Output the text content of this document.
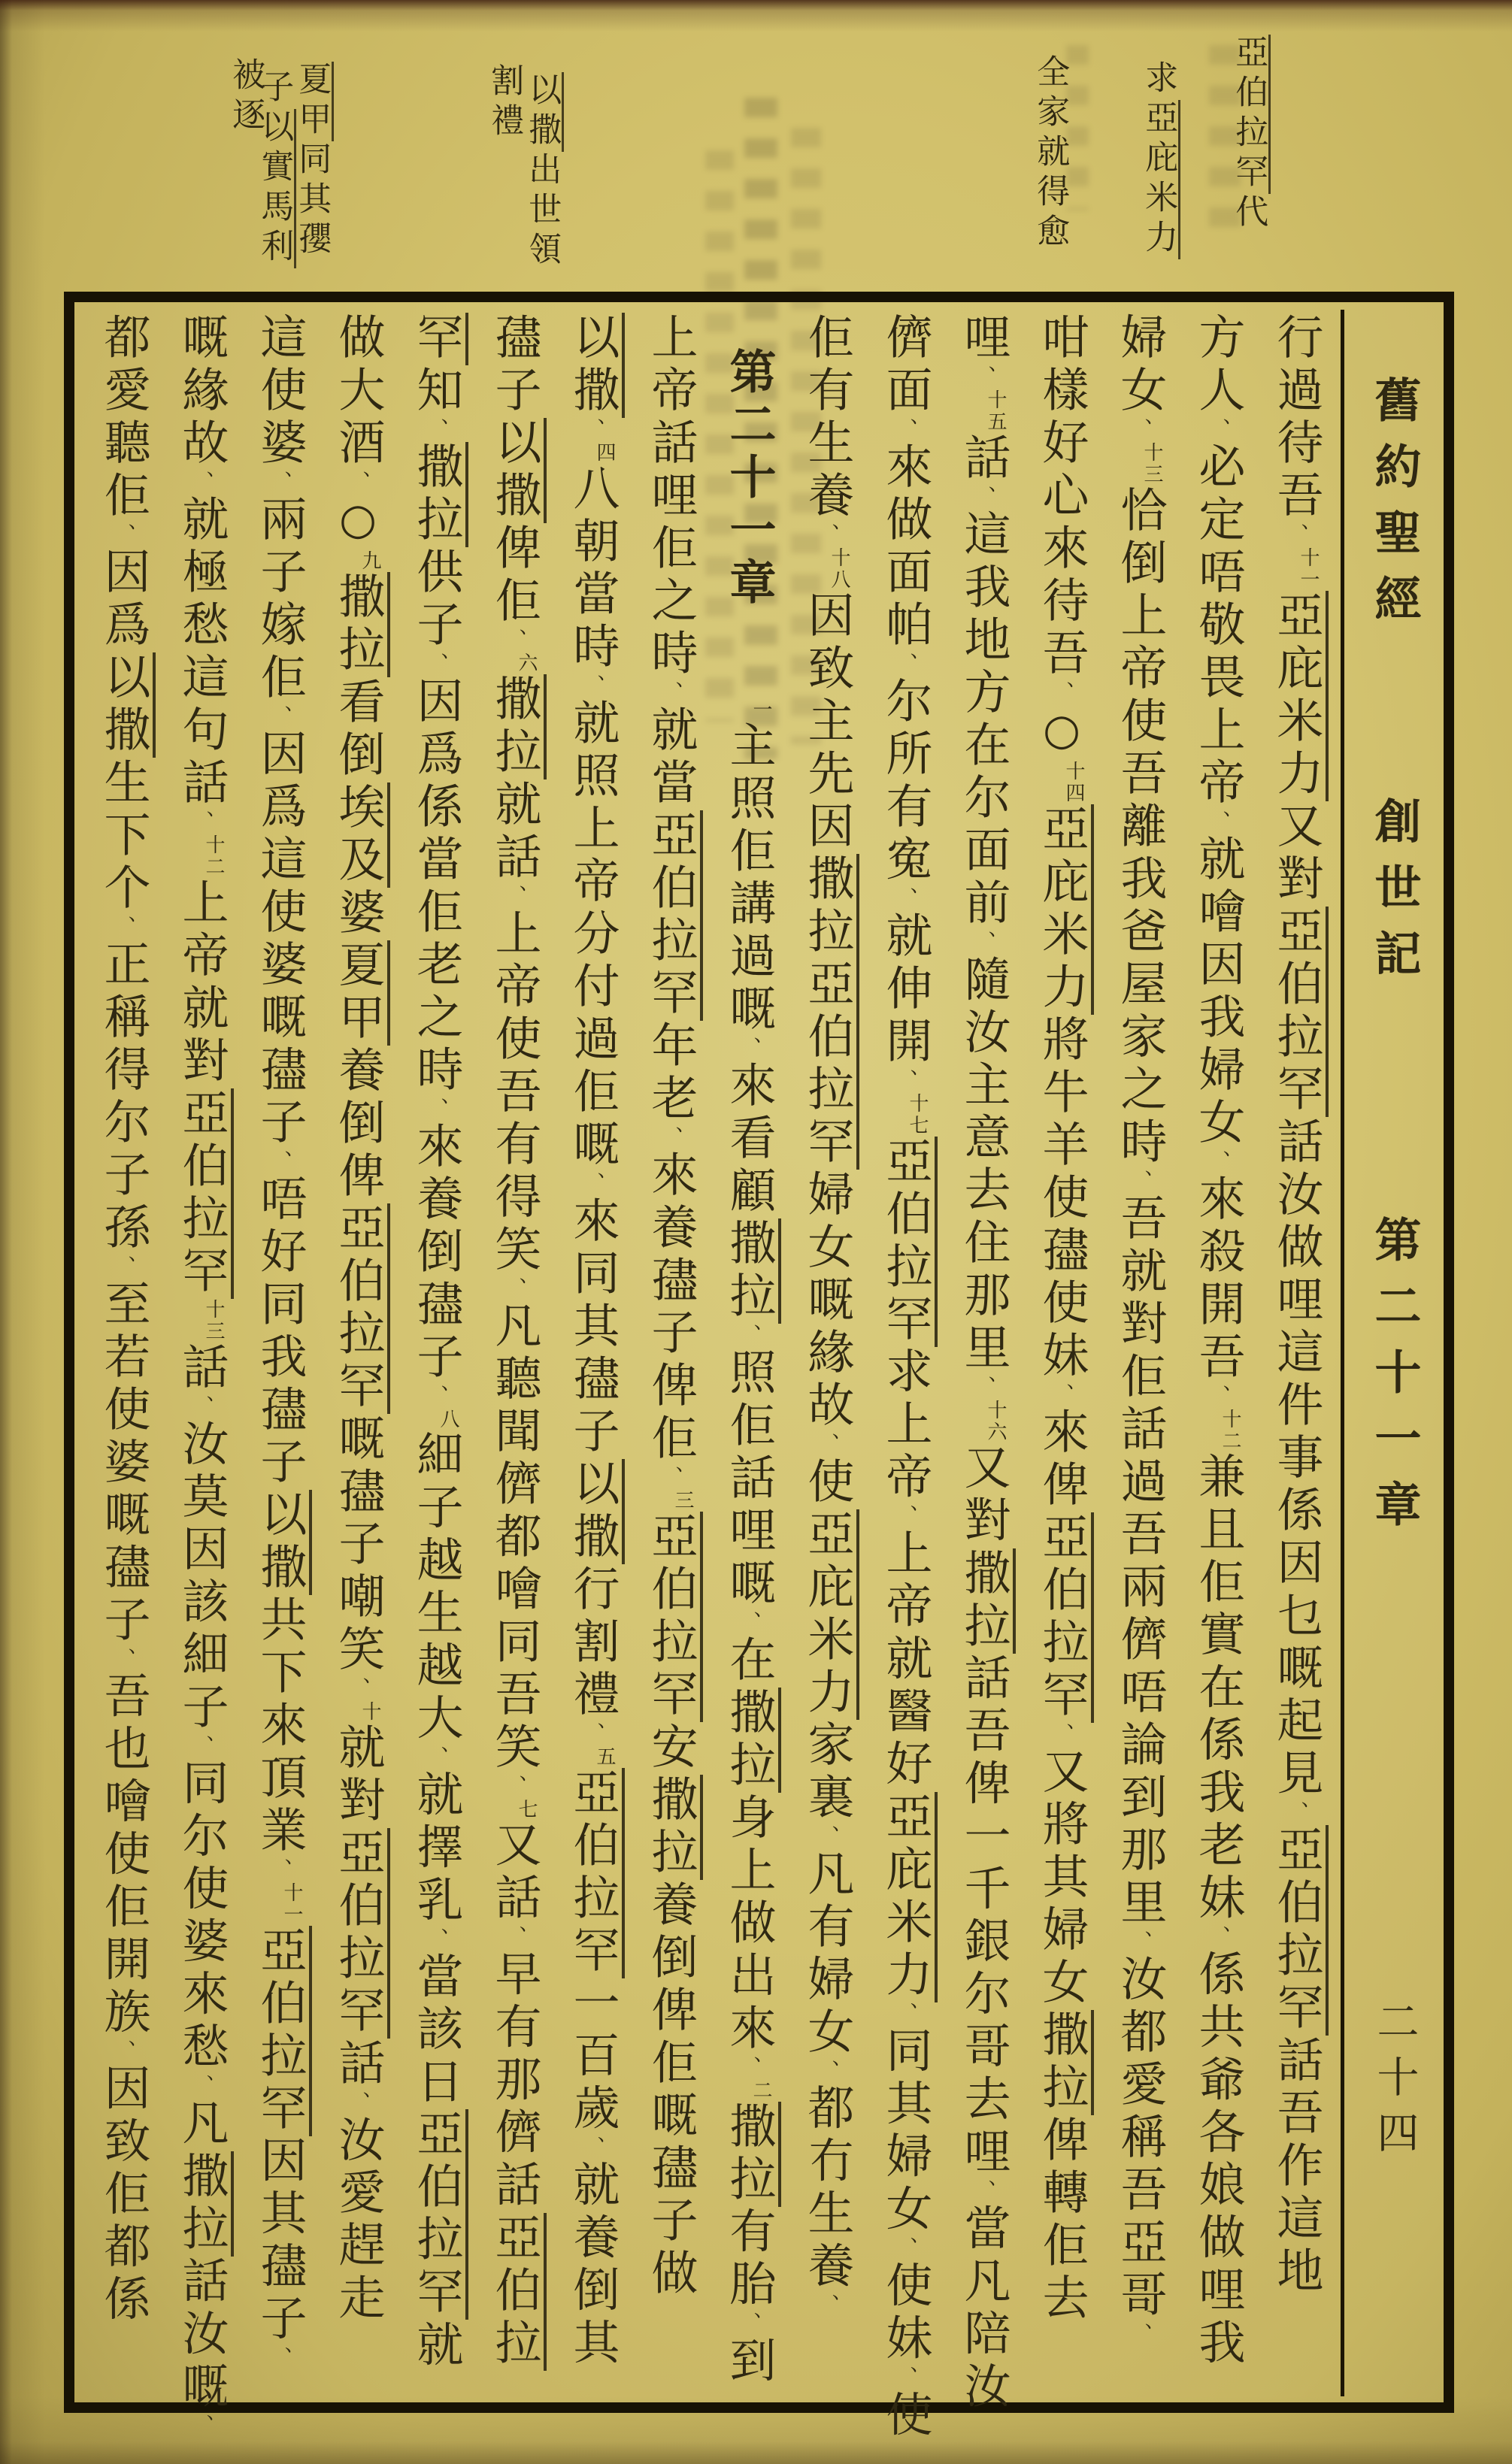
亞伯拉罕代
求亞庇米力
全家就得愈
以撒出世領
割禮
夏甲同其孾
子以實馬利
被逐
舊約聖經
創世記
第二十一章
二十四
行過待吾、十一亞庇米力又對亞伯拉罕話汝做哩這件事係因乜嘅起見、亞伯拉罕話吾作這地
方人、必定唔敬畏上帝、就噲因我婦女、來殺開吾、十二兼且佢實在係我老妹、係共爺各娘做哩我
婦女、十三恰倒上帝使吾離我爸屋家之時、吾就對佢話過吾兩儕唔論到那里、汝都愛稱吾亞哥、
咁樣好心來待吾、○十四亞庇米力將牛羊使孻使妹、來俾亞伯拉罕、又將其婦女撒拉俾轉佢去
哩、十五話、這我地方在尔面前、隨汝主意去住那里、十六又對撒拉話吾俾一千銀尔哥去哩、當凡陪汝
儕面、來做面帕、尔所有寃、就伸開、十七亞伯拉罕求上帝、上帝就醫好亞庇米力、同其婦女、使妹、使
佢有生養、十八因致主先因撒拉亞伯拉罕婦女嘅緣故、使亞庇米力家裏、凡有婦女、都冇生養、
第二十一章一主照佢講過嘅、來看顧撒拉、照佢話哩嘅、在撒拉身上做出來、二撒拉有胎、到
上帝話哩佢之時、就當亞伯拉罕年老、來養孻子俾佢、三亞伯拉罕安撒拉養倒俾佢嘅孻子做
以撒、四八朝當時、就照上帝分付過佢嘅、來同其孻子以撒行割禮、五亞伯拉罕一百歲、就養倒其
孻子以撒俾佢、六撒拉就話、上帝使吾有得笑、凡聽聞儕都噲同吾笑、七又話、早有那儕話亞伯拉
罕知、撒拉供子、因爲係當佢老之時、來養倒孻子、八細子越生越大、就擇乳、當該日亞伯拉罕就
做大酒、○九撒拉看倒埃及婆夏甲養倒俾亞伯拉罕嘅孻子嘲笑、十就對亞伯拉罕話、汝愛趕走
這使婆、兩子嫁佢、因爲這使婆嘅孻子、唔好同我孻子以撒共下來頂業、十一亞伯拉罕因其孻子、
嘅緣故、就極愁這句話、十二上帝就對亞伯拉罕十三話、汝莫因該細子、同尔使婆來愁、凡撒拉話汝嘅、
都愛聽佢、因爲以撒生下个、正稱得尔子孫、至若使婆嘅孻子、吾也噲使佢開族、因致佢都係
